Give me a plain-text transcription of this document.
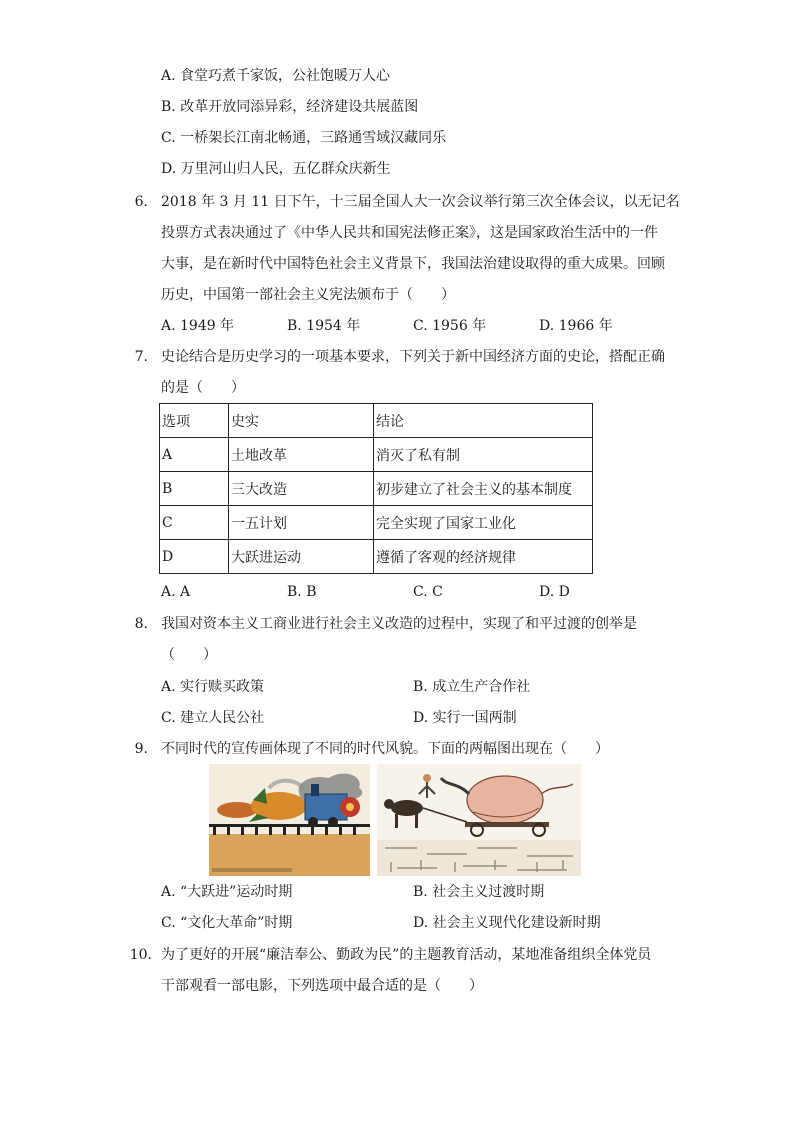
A. 食堂巧煮千家饭，公社饱暖万人心
B. 改革开放同添异彩，经济建设共展蓝图
C. 一桥架长江南北畅通，三路通雪域汉藏同乐
D. 万里河山归人民，五亿群众庆新生
6. 2018 年 3 月 11 日下午，十三届全国人大一次会议举行第三次全体会议，以无记名
投票方式表决通过了《中华人民共和国宪法修正案》，这是国家政治生活中的一件
大事，是在新时代中国特色社会主义背景下，我国法治建设取得的重大成果。回顾
历史，中国第一部社会主义宪法颁布于（　　）
A. 1949 年	B. 1954 年	C. 1956 年	D. 1966 年
7. 史论结合是历史学习的一项基本要求，下列关于新中国经济方面的史论，搭配正确
的是（　　）
选项	史实	结论
A	土地改革	消灭了私有制
B	三大改造	初步建立了社会主义的基本制度
C	一五计划	完全实现了国家工业化
D	大跃进运动	遵循了客观的经济规律
A. A	B. B	C. C	D. D
8. 我国对资本主义工商业进行社会主义改造的过程中，实现了和平过渡的创举是
（　　）
A. 实行赎买政策	B. 成立生产合作社
C. 建立人民公社	D. 实行一国两制
9. 不同时代的宣传画体现了不同的时代风貌。下面的两幅图出现在（　　）
A. “大跃进”运动时期	B. 社会主义过渡时期
C. “文化大革命”时期	D. 社会主义现代化建设新时期
10. 为了更好的开展“廉洁奉公、勤政为民”的主题教育活动，某地准备组织全体党员
干部观看一部电影，下列选项中最合适的是（　　）
